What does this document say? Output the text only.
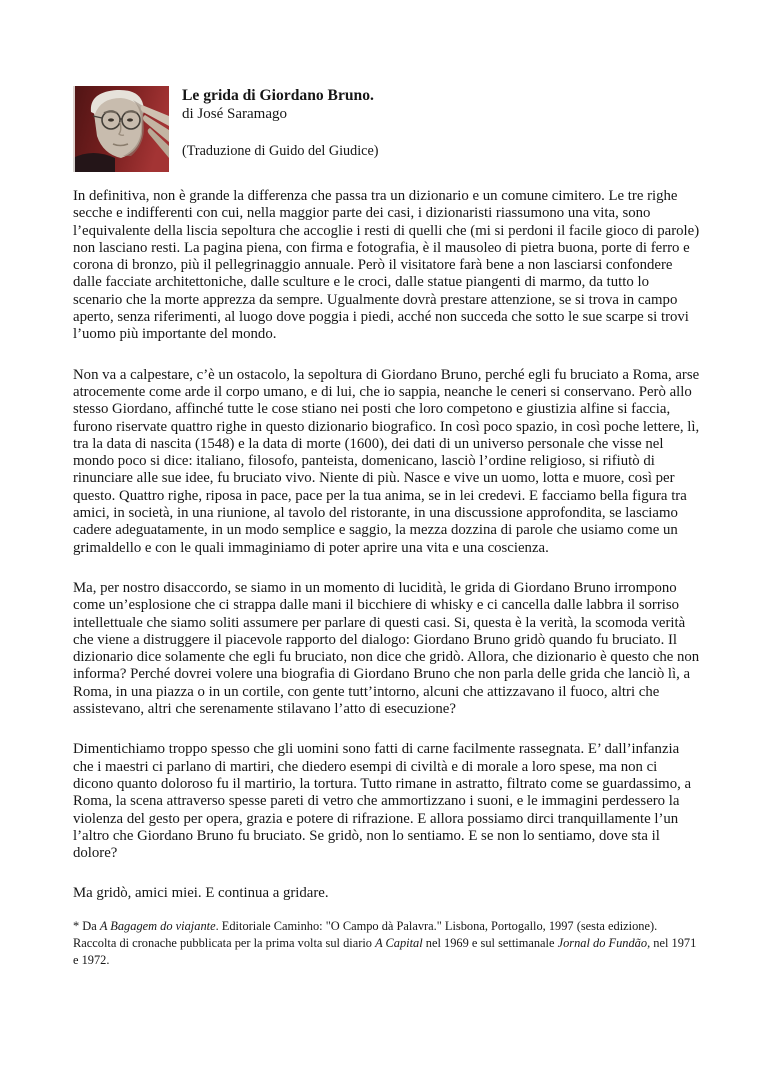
Le grida di Giordano Bruno.
di José Saramago
(Traduzione di Guido del Giudice)

In definitiva, non è grande la differenza che passa tra un dizionario e un comune cimitero. Le tre righe secche e indifferenti con cui, nella maggior parte dei casi, i dizionaristi riassumono una vita, sono l’equivalente della liscia sepoltura che accoglie i resti di quelli che (mi si perdoni il facile gioco di parole) non lasciano resti. La pagina piena, con firma e fotografia, è il mausoleo di pietra buona, porte di ferro e corona di bronzo, più il pellegrinaggio annuale. Però il visitatore farà bene a non lasciarsi confondere dalle facciate architettoniche, dalle sculture e le croci, dalle statue piangenti di marmo, da tutto lo scenario che la morte apprezza da sempre. Ugualmente dovrà prestare attenzione, se si trova in campo aperto, senza riferimenti, al luogo dove poggia i piedi, acché non succeda che sotto le sue scarpe si trovi l’uomo più importante del mondo.

Non va a calpestare, c’è un ostacolo, la sepoltura di Giordano Bruno, perché egli fu bruciato a Roma, arse atrocemente come arde il corpo umano, e di lui, che io sappia, neanche le ceneri si conservano. Però allo stesso Giordano, affinché tutte le cose stiano nei posti che loro competono e giustizia alfine si faccia, furono riservate quattro righe in questo dizionario biografico. In così poco spazio, in così poche lettere, lì, tra la data di nascita (1548) e la data di morte (1600), dei dati di un universo personale che visse nel mondo poco si dice: italiano, filosofo, panteista, domenicano, lasciò l’ordine religioso, si rifiutò di rinunciare alle sue idee, fu bruciato vivo. Niente di più. Nasce e vive un uomo, lotta e muore, così per questo. Quattro righe, riposa in pace, pace per la tua anima, se in lei credevi. E facciamo bella figura tra amici, in società, in una riunione, al tavolo del ristorante, in una discussione approfondita, se lasciamo cadere adeguatamente, in un modo semplice e saggio, la mezza dozzina di parole che usiamo come un grimaldello e con le quali immaginiamo di poter aprire una vita e una coscienza.

Ma, per nostro disaccordo, se siamo in un momento di lucidità, le grida di Giordano Bruno irrompono come un’esplosione che ci strappa dalle mani il bicchiere di whisky e ci cancella dalle labbra il sorriso intellettuale che siamo soliti assumere per parlare di questi casi. Si, questa è la verità, la scomoda verità che viene a distruggere il piacevole rapporto del dialogo: Giordano Bruno gridò quando fu bruciato. Il dizionario dice solamente che egli fu bruciato, non dice che gridò. Allora, che dizionario è questo che non informa? Perché dovrei volere una biografia di Giordano Bruno che non parla delle grida che lanciò lì, a Roma, in una piazza o in un cortile, con gente tutt’intorno, alcuni che attizzavano il fuoco, altri che assistevano, altri che serenamente stilavano l’atto di esecuzione?

Dimentichiamo troppo spesso che gli uomini sono fatti di carne facilmente rassegnata. E’ dall’infanzia che i maestri ci parlano di martiri, che diedero esempi di civiltà e di morale a loro spese, ma non ci dicono quanto doloroso fu il martirio, la tortura. Tutto rimane in astratto, filtrato come se guardassimo, a Roma, la scena attraverso spesse pareti di vetro che ammortizzano i suoni, e le immagini perdessero la violenza del gesto per opera, grazia e potere di rifrazione. E allora possiamo dirci tranquillamente l’un l’altro che Giordano Bruno fu bruciato. Se gridò, non lo sentiamo. E se non lo sentiamo, dove sta il dolore?

Ma gridò, amici miei. E continua a gridare.

* Da A Bagagem do viajante. Editoriale Caminho: "O Campo dà Palavra." Lisbona, Portogallo, 1997 (sesta edizione). Raccolta di cronache pubblicata per la prima volta sul diario A Capital nel 1969 e sul settimanale Jornal do Fundão, nel 1971 e 1972.
